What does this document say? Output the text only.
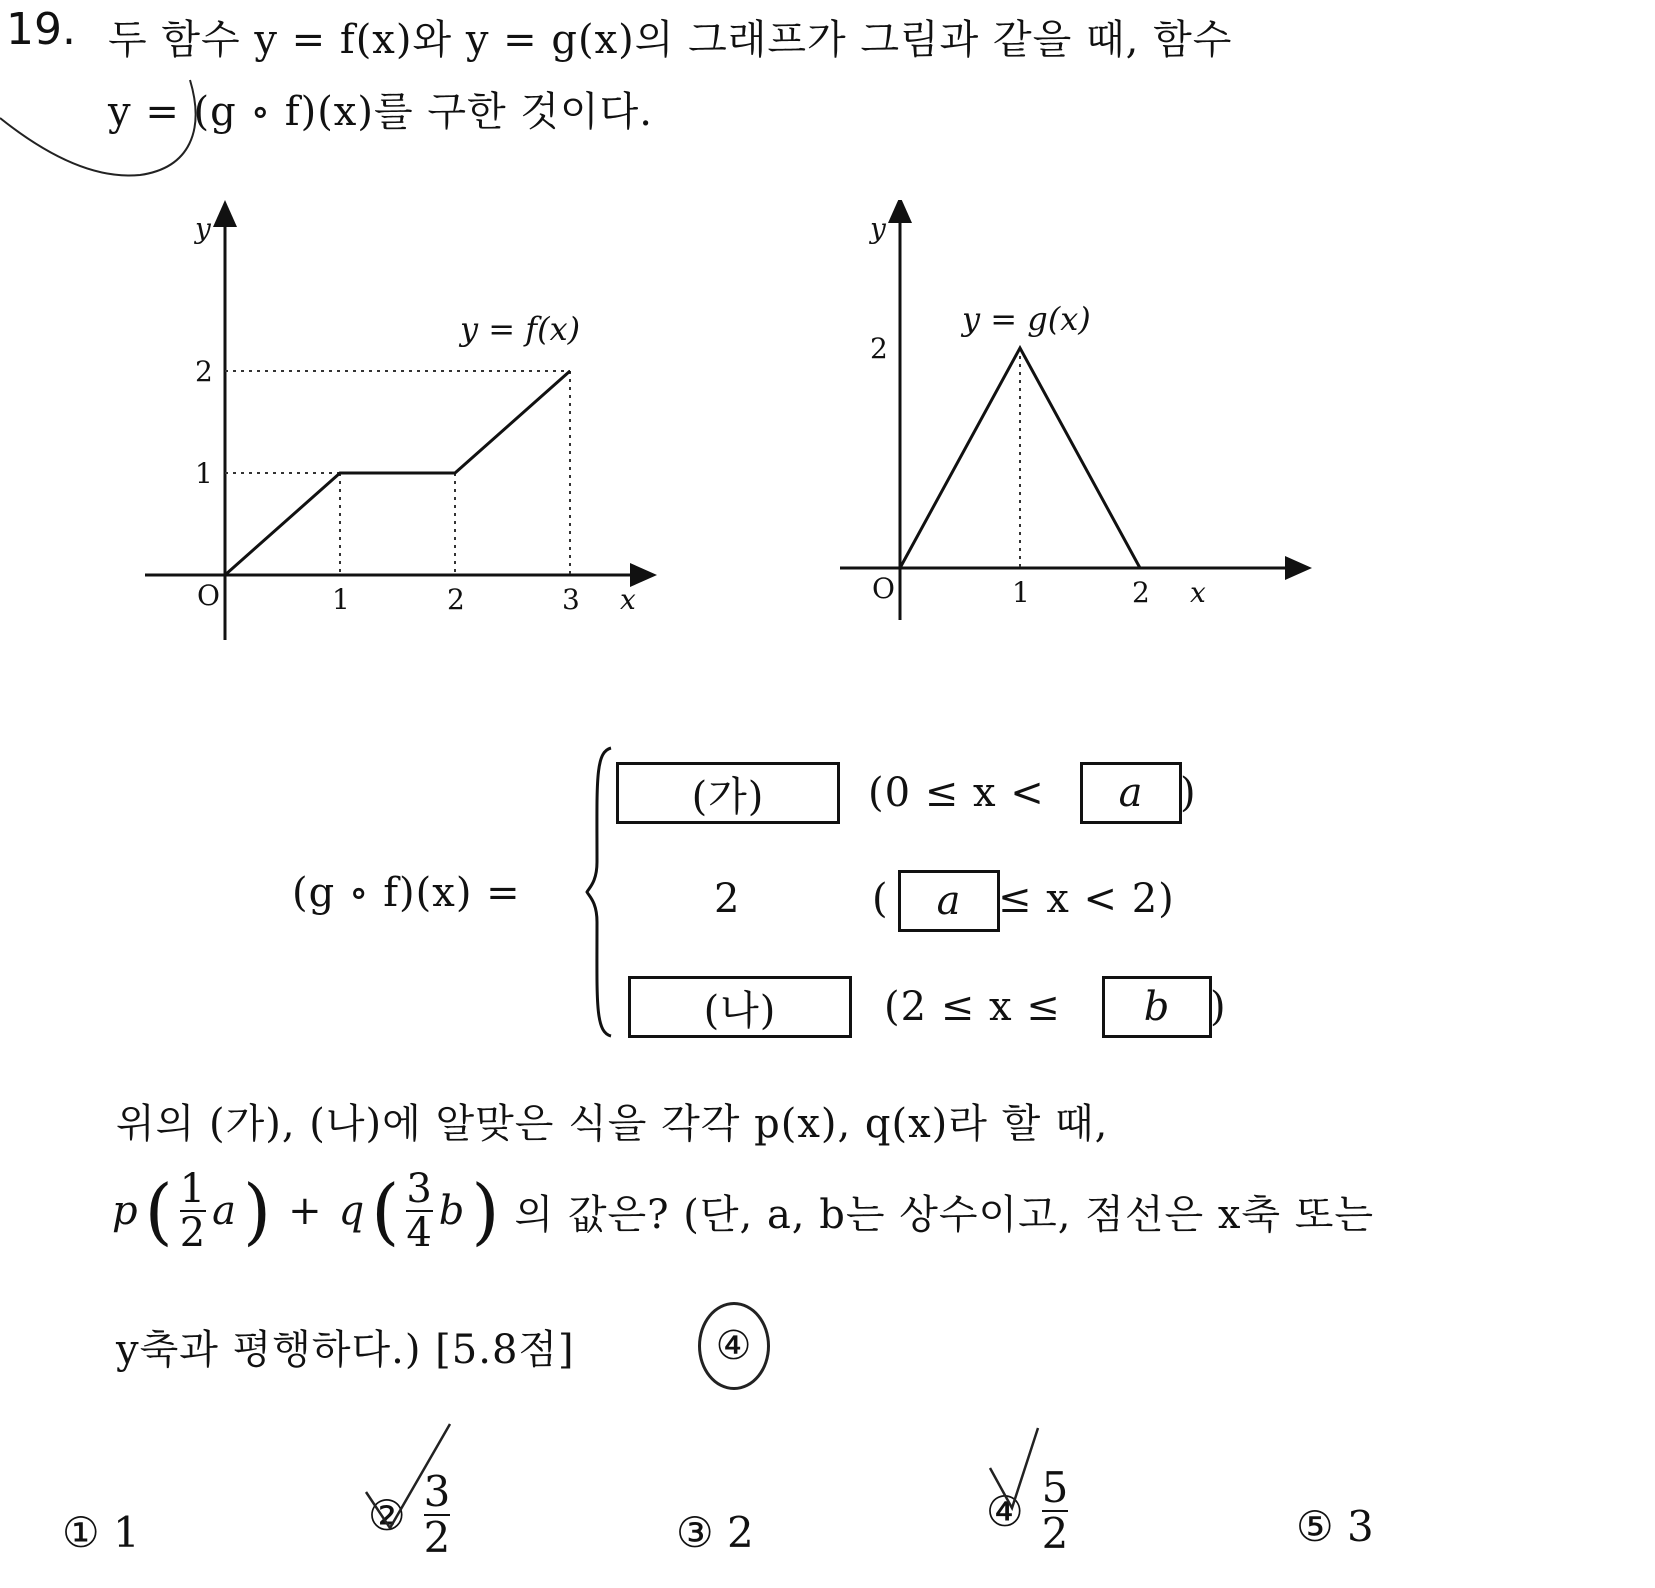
19. 두 함수 y = f(x)와 y = g(x)의 그래프가 그림과 같을 때, 함수
y = (g ∘ f)(x)를 구한 것이다.
O	1	2	3
1
2
x
y
y = f(x)
O	1	2
2
x
y
y = g(x)
(g ∘ f)(x) =
(가)	(0 ≤ x < a )
2	( a ≤ x < 2)
(나)	(2 ≤ x ≤ b )
위의 (가), (나)에 알맞은 식을 각각 p(x), q(x)라 할 때,
p ( $\frac{1}{2}$ a ) + q ( $\frac{3}{4}$ b ) 의 값은? (단, a, b는 상수이고, 점선은 x축 또는
y축과 평행하다.) [5.8점]	④
① 1	② $\frac{3}{2}$	③ 2	④ $\frac{5}{2}$	⑤ 3
